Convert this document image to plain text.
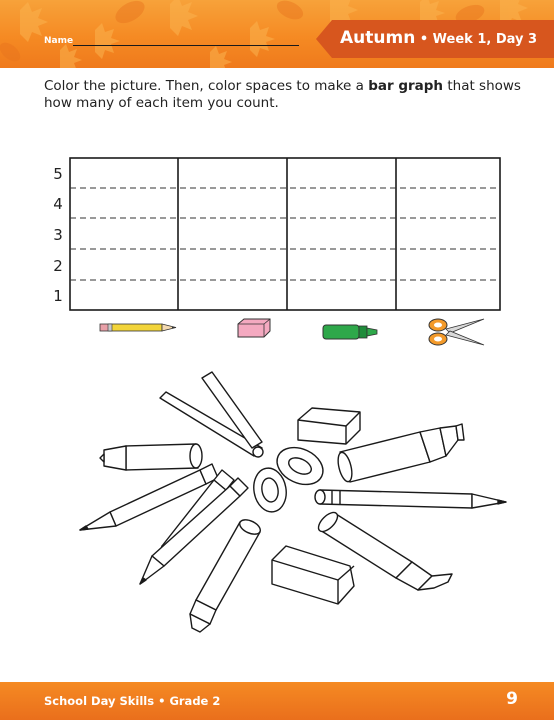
Name	Autumn • Week 1, Day 3
Color the picture. Then, color spaces to make a bar graph that shows how many of each item you count.
5
4
3
2
1
School Day Skills • Grade 2	9
